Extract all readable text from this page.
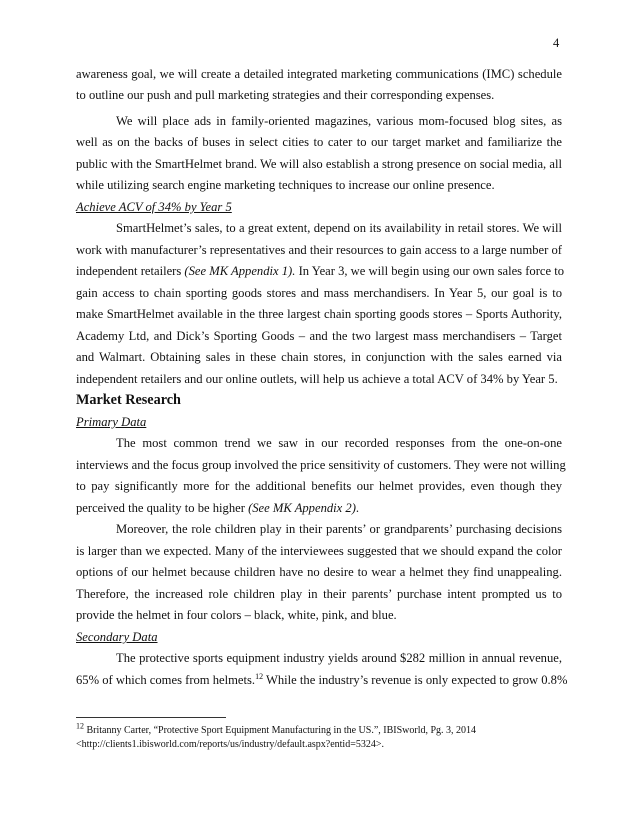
4
awareness goal, we will create a detailed integrated marketing communications (IMC) schedule
to outline our push and pull marketing strategies and their corresponding expenses.
We will place ads in family-oriented magazines, various mom-focused blog sites, as
well as on the backs of buses in select cities to cater to our target market and familiarize the
public with the SmartHelmet brand. We will also establish a strong presence on social media, all
while utilizing search engine marketing techniques to increase our online presence.
Achieve ACV of 34% by Year 5
SmartHelmet’s sales, to a great extent, depend on its availability in retail stores. We will
work with manufacturer’s representatives and their resources to gain access to a large number of
independent retailers (See MK Appendix 1). In Year 3, we will begin using our own sales force to
gain access to chain sporting goods stores and mass merchandisers. In Year 5, our goal is to
make SmartHelmet available in the three largest chain sporting goods stores – Sports Authority,
Academy Ltd, and Dick’s Sporting Goods – and the two largest mass merchandisers – Target
and Walmart. Obtaining sales in these chain stores, in conjunction with the sales earned via
independent retailers and our online outlets, will help us achieve a total ACV of 34% by Year 5.
Market Research
Primary Data
The most common trend we saw in our recorded responses from the one-on-one
interviews and the focus group involved the price sensitivity of customers. They were not willing
to pay significantly more for the additional benefits our helmet provides, even though they
perceived the quality to be higher (See MK Appendix 2).
Moreover, the role children play in their parents’ or grandparents’ purchasing decisions
is larger than we expected. Many of the interviewees suggested that we should expand the color
options of our helmet because children have no desire to wear a helmet they find unappealing.
Therefore, the increased role children play in their parents’ purchase intent prompted us to
provide the helmet in four colors – black, white, pink, and blue.
Secondary Data
The protective sports equipment industry yields around $282 million in annual revenue,
65% of which comes from helmets.$^{12}$ While the industry’s revenue is only expected to grow 0.8%
$^{12}$ Britanny Carter, “Protective Sport Equipment Manufacturing in the US.”, IBISworld, Pg. 3, 2014
<http://clients1.ibisworld.com/reports/us/industry/default.aspx?entid=5324>.
